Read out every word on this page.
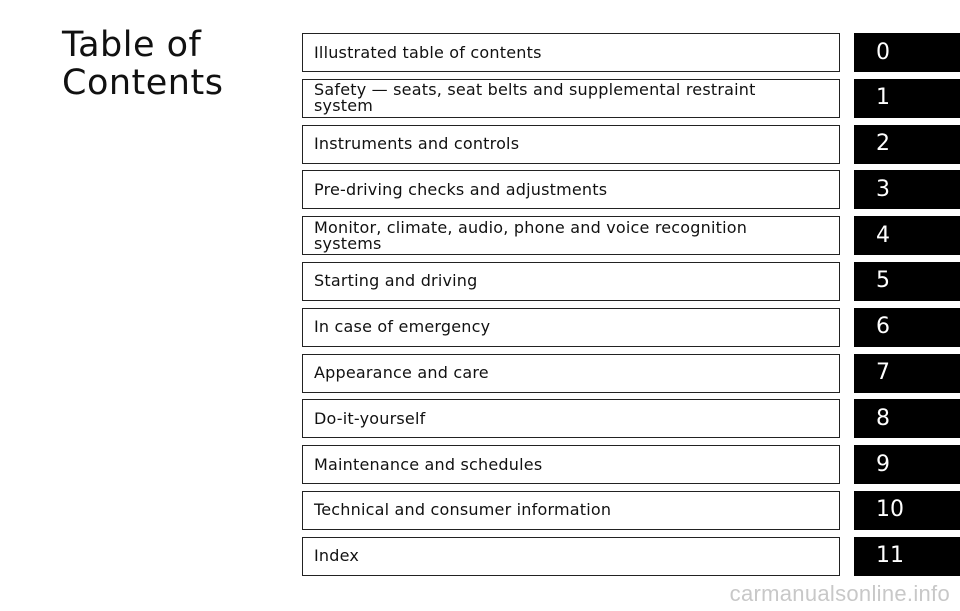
Table of
Contents
Illustrated table of contents	0
Safety — seats, seat belts and supplemental restraint system	1
Instruments and controls	2
Pre-driving checks and adjustments	3
Monitor, climate, audio, phone and voice recognition systems	4
Starting and driving	5
In case of emergency	6
Appearance and care	7
Do-it-yourself	8
Maintenance and schedules	9
Technical and consumer information	10
Index	11
carmanualsonline.info
